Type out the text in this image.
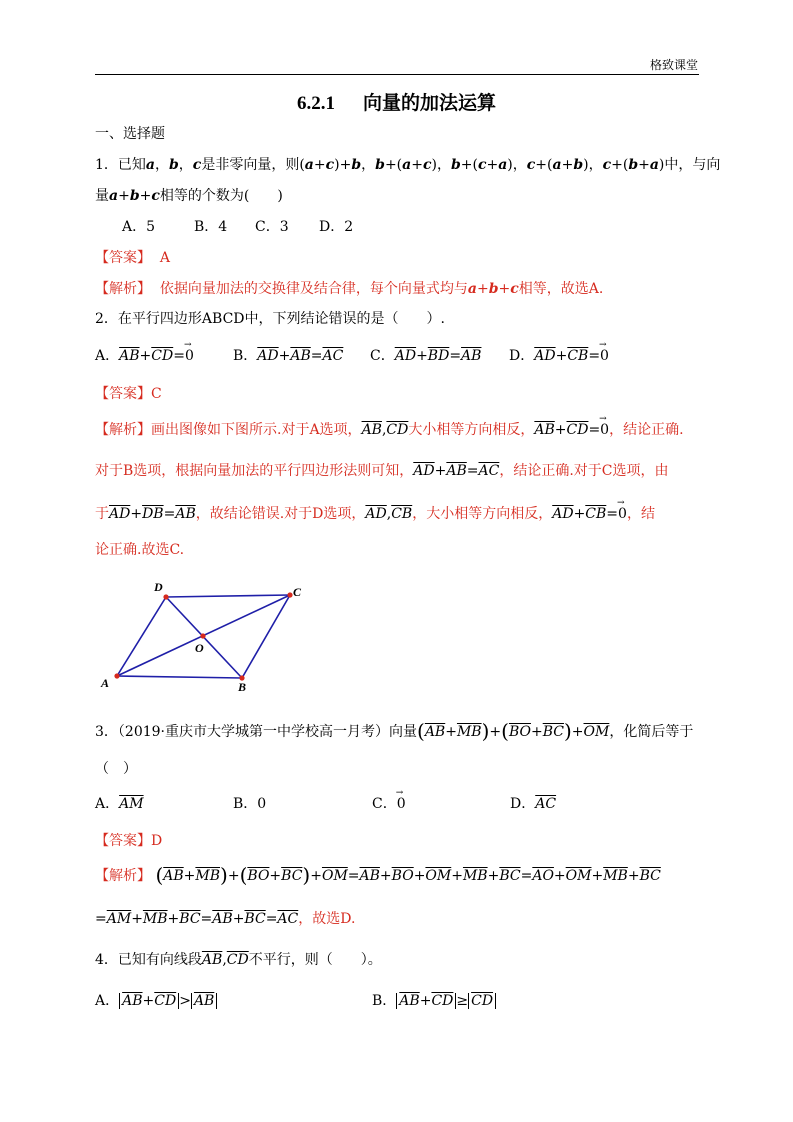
格致课堂
6.2.1 向量的加法运算
一、选择题
1．已知a，b，c是非零向量，则(a+c)+b，b+(a+c)，b+(c+a)，c+(a+b)，c+(b+a)中，与向
量a+b+c相等的个数为(　　)
A．5	B．4 C．3 D．2
【答案】 A
【解析】  依据向量加法的交换律及结合律，每个向量式均与a+b+c相等，故选A.
2．在平行四边形ABCD中，下列结论错误的是（　　）.
A．$\overline{AB}+\overline{CD}=\to 0$	B．$\overline{AD}+\overline{AB}=\overline{AC}$ C．$\overline{AD}+\overline{BD}=\overline{AB}$ D．$\overline{AD}+\overline{CB}=\to 0$
【答案】C
【解析】画出图像如下图所示.对于A选项，$\overline{AB},\overline{CD}$大小相等方向相反，$\overline{AB}+\overline{CD}=\to 0$，结论正确.
对于B选项，根据向量加法的平行四边形法则可知，$\overline{AD}+\overline{AB}=\overline{AC}$，结论正确.对于C选项，由
于$\overline{AD}+\overline{DB}=\overline{AB}$，故结论错误.对于D选项，$\overline{AD},\overline{CB}$，大小相等方向相反，$\overline{AD}+\overline{CB}=\to 0$，结
论正确.故选C.
D	C
O
A	B
3．（2019·重庆市大学城第一中学校高一月考）向量$(\overline{AB}+\overline{MB})+(\overline{BO}+\overline{BC})+\overline{OM}$，化简后等于
（　）
A．$\overline{AM}$	B．0	C．→ 0	D．$\overline{AC}$
【答案】D
【解析】 $(\overline{AB}+\overline{MB})+(\overline{BO}+\overline{BC})+\overline{OM}=\overline{AB}+\overline{BO}+\overline{OM}+\overline{MB}+\overline{BC}=\overline{AO}+\overline{OM}+\overline{MB}+\overline{BC}$
$=\overline{AM}+\overline{MB}+\overline{BC}=\overline{AB}+\overline{BC}=\overline{AC}$，故选D.
4．已知有向线段$\overline{AB},\overline{CD}$不平行，则（　　）。
A． $\overline{AB}+\overline{CD} > \overline{AB}$	B． $\overline{AB}+\overline{CD} \ge \overline{CD}$
